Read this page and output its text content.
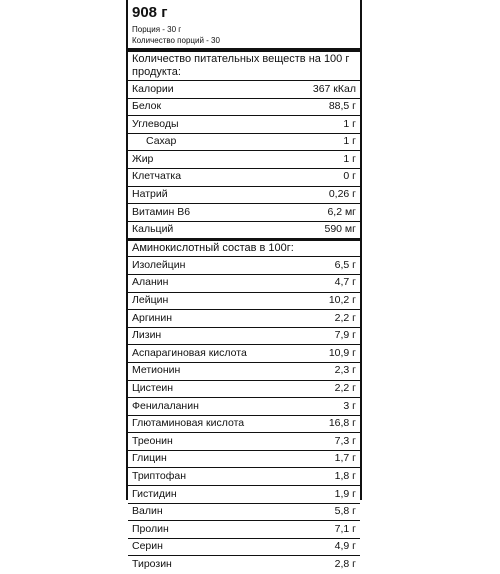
908 г
Порция - 30 г
Количество порций - 30
Количество питательных веществ на 100 г продукта:
Калории	367 кКал
Белок	88,5 г
Углеводы	1 г
Сахар	1 г
Жир	1 г
Клетчатка	0 г
Натрий	0,26 г
Витамин В6	6,2 мг
Кальций	590 мг
Аминокислотный состав в 100г:
Изолейцин	6,5 г
Аланин	4,7 г
Лейцин	10,2 г
Аргинин	2,2 г
Лизин	7,9 г
Аспарагиновая кислота	10,9 г
Метионин	2,3 г
Цистеин	2,2 г
Фенилаланин	3 г
Глютаминовая кислота	16,8 г
Треонин	7,3 г
Глицин	1,7 г
Триптофан	1,8 г
Гистидин	1,9 г
Валин	5,8 г
Пролин	7,1 г
Серин	4,9 г
Тирозин	2,8 г
